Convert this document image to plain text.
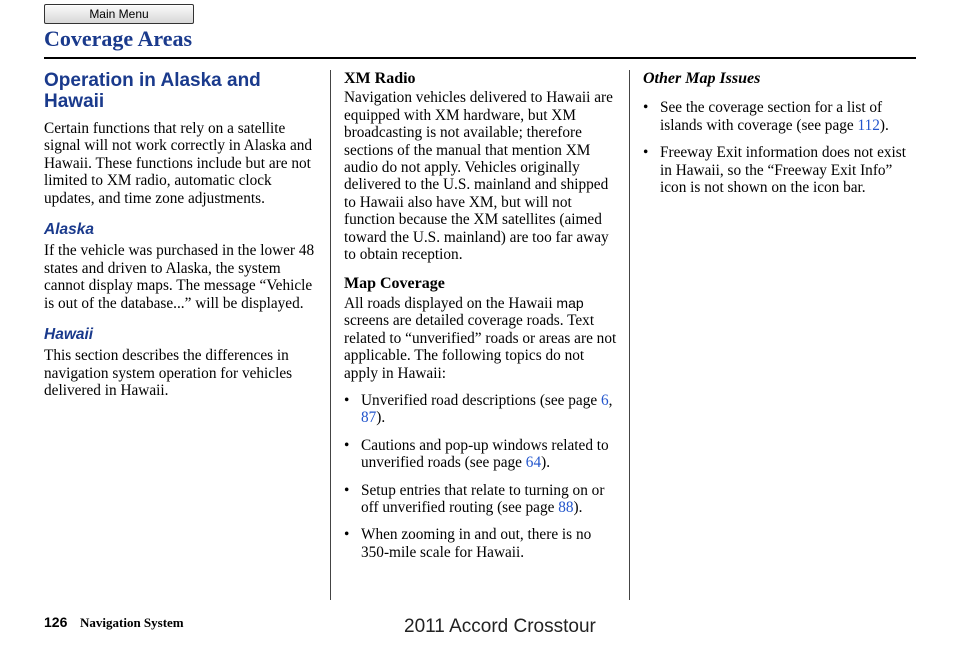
Main Menu
Coverage Areas
Operation in Alaska and Hawaii

Certain functions that rely on a satellite signal will not work correctly in Alaska and Hawaii. These functions include but are not limited to XM radio, automatic clock updates, and time zone adjustments.

Alaska

If the vehicle was purchased in the lower 48 states and driven to Alaska, the system cannot display maps. The message “Vehicle is out of the database...” will be displayed.

Hawaii

This section describes the differences in navigation system operation for vehicles delivered in Hawaii.

XM Radio

Navigation vehicles delivered to Hawaii are equipped with XM hardware, but XM broadcasting is not available; therefore sections of the manual that mention XM audio do not apply. Vehicles originally delivered to the U.S. mainland and shipped to Hawaii also have XM, but will not function because the XM satellites (aimed toward the U.S. mainland) are too far away to obtain reception.

Map Coverage

All roads displayed on the Hawaii map screens are detailed coverage roads. Text related to “unverified” roads or areas are not applicable. The following topics do not apply in Hawaii:

• Unverified road descriptions (see page 6, 87).
• Cautions and pop-up windows related to unverified roads (see page 64).
• Setup entries that relate to turning on or off unverified routing (see page 88).
• When zooming in and out, there is no 350-mile scale for Hawaii.
Other Map Issues
• See the coverage section for a list of islands with coverage (see page 112).
• Freeway Exit information does not exist in Hawaii, so the “Freeway Exit Info” icon is not shown on the icon bar.
126 Navigation System	2011 Accord Crosstour
